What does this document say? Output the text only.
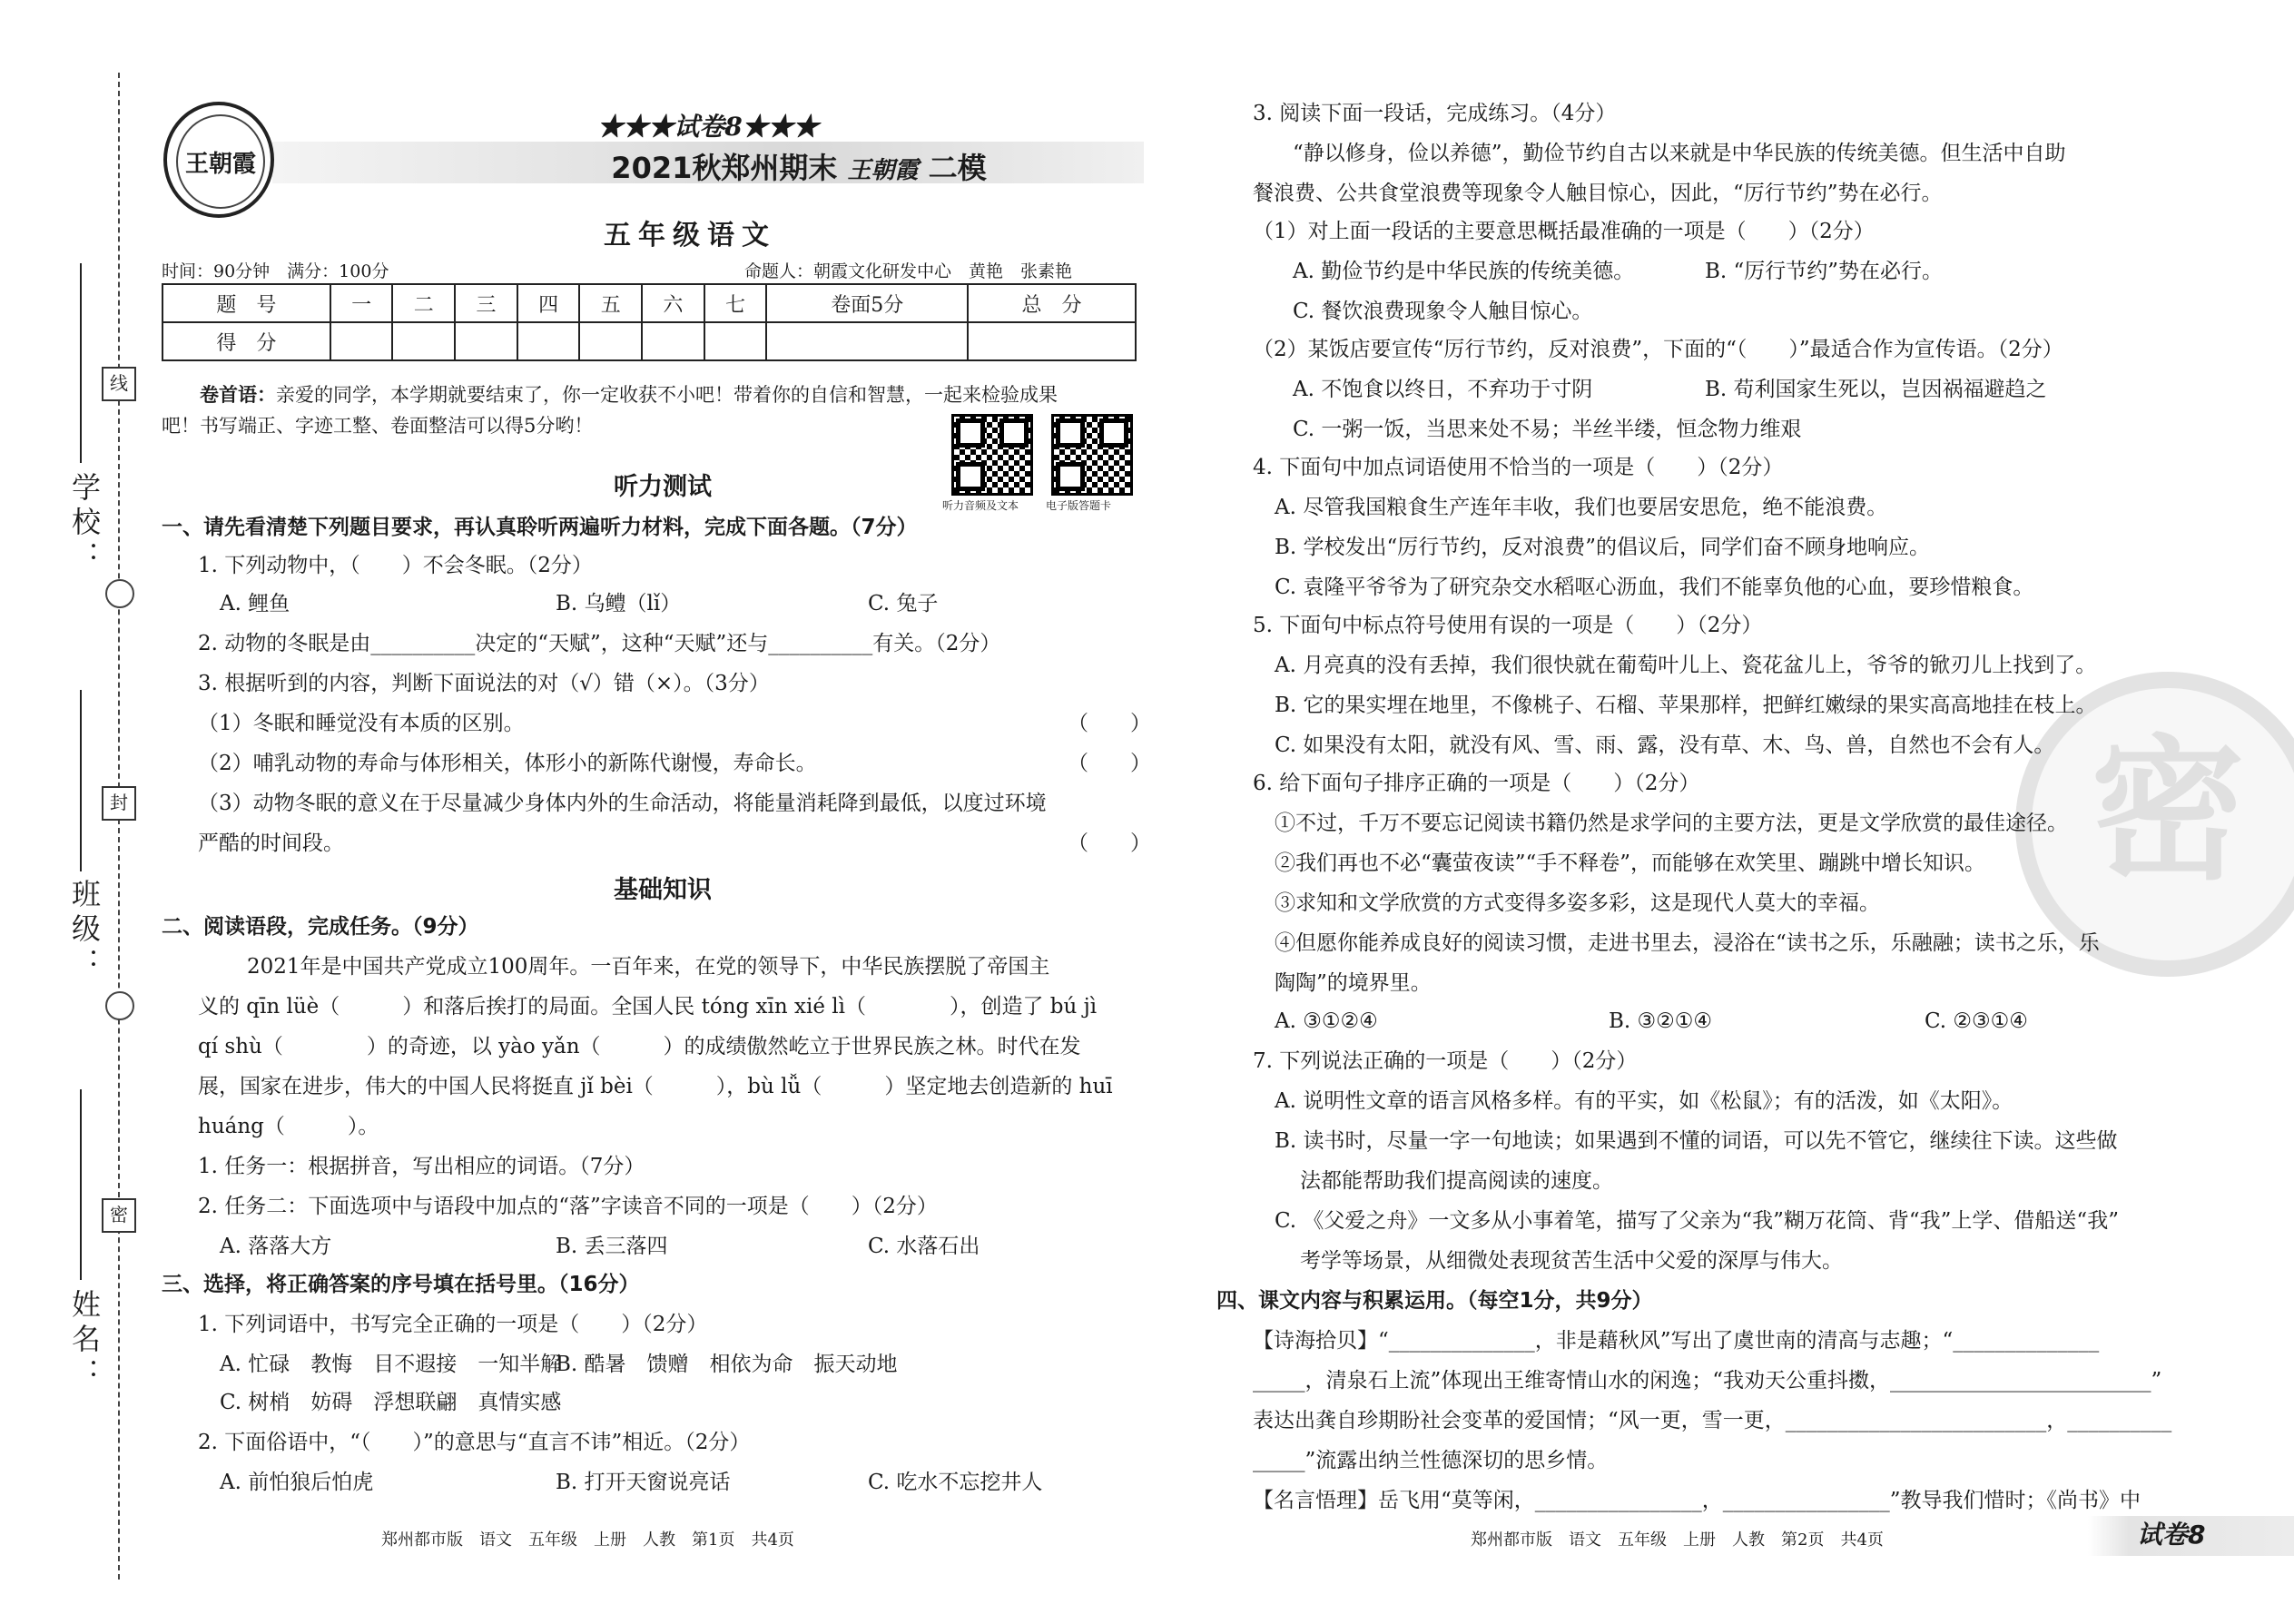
线
封
密
学校：
班级：
姓名：
王朝霞
★★★试卷8★★★
2021秋郑州期末 王朝霞 二模
五年级语文
时间：90分钟　满分：100分	命题人：朝霞文化研发中心　黄艳　张素艳
题　号	一	二	三	四	五	六	七	卷面5分	总　分
得　分									
卷首语：亲爱的同学，本学期就要结束了，你一定收获不小吧！带着你的自信和智慧，一起来检验成果
吧！书写端正、字迹工整、卷面整洁可以得5分哟！
听力音频及文本 电子版答题卡
听力测试
一、请先看清楚下列题目要求，再认真聆听两遍听力材料，完成下面各题。（7分）
1. 下列动物中，（　　）不会冬眠。（2分）
A. 鲤鱼	B. 乌鳢（lǐ）	C. 兔子
2. 动物的冬眠是由__________决定的“天赋”，这种“天赋”还与__________有关。（2分）
3. 根据听到的内容，判断下面说法的对（√）错（×）。（3分）
（1）冬眠和睡觉没有本质的区别。	（　　）
（2）哺乳动物的寿命与体形相关，体形小的新陈代谢慢，寿命长。	（　　）
（3）动物冬眠的意义在于尽量减少身体内外的生命活动，将能量消耗降到最低，以度过环境
严酷的时间段。	（　　）
基础知识
二、阅读语段，完成任务。（9分）
2021年是中国共产党成立100周年。一百年来，在党的领导下，中华民族摆脱了帝国主
义的 qīn lüè（　　　）和落后挨打的局面。全国人民 tóng xīn xié lì（　　　　），创造了 bú jì
qí shù（　　　　）的奇迹，以 yào yǎn（　　　）的成绩傲然屹立于世界民族之林。时代在发
展，国家在进步，伟大的中国人民将挺直 jǐ bèi（　　　），bù lǚ（　　　）坚定地去创造新的 huī
huáng（　　　）。
1. 任务一：根据拼音，写出相应的词语。（7分）
2. 任务二：下面选项中与语段中加点的“落”字读音不同的一项是（　　）（2分）
A. 落落大方	B. 丢三落四	C. 水落石出
三、选择，将正确答案的序号填在括号里。（16分）
1. 下列词语中，书写完全正确的一项是（　　）（2分）
A. 忙碌　教悔　目不遐接　一知半解
B. 酷暑　馈赠　相依为命　振天动地
C. 树梢　妨碍　浮想联翩　真情实感
2. 下面俗语中，“（　　）”的意思与“直言不讳”相近。（2分）
A. 前怕狼后怕虎	B. 打开天窗说亮话	C. 吃水不忘挖井人
郑州都市版　语文　五年级　上册　人教　第1页　共4页
密
3. 阅读下面一段话，完成练习。（4分）
“静以修身，俭以养德”，勤俭节约自古以来就是中华民族的传统美德。但生活中自助
餐浪费、公共食堂浪费等现象令人触目惊心，因此，“厉行节约”势在必行。
（1）对上面一段话的主要意思概括最准确的一项是（　　）（2分）
A. 勤俭节约是中华民族的传统美德。	B. “厉行节约”势在必行。
C. 餐饮浪费现象令人触目惊心。
（2）某饭店要宣传“厉行节约，反对浪费”，下面的“（　　）”最适合作为宣传语。（2分）
A. 不饱食以终日，不弃功于寸阴	B. 苟利国家生死以，岂因祸福避趋之
C. 一粥一饭，当思来处不易；半丝半缕，恒念物力维艰
4. 下面句中加点词语使用不恰当的一项是（　　）（2分）
A. 尽管我国粮食生产连年丰收，我们也要居安思危，绝不能浪费。
B. 学校发出“厉行节约，反对浪费”的倡议后，同学们奋不顾身地响应。
C. 袁隆平爷爷为了研究杂交水稻呕心沥血，我们不能辜负他的心血，要珍惜粮食。
5. 下面句中标点符号使用有误的一项是（　　）（2分）
A. 月亮真的没有丢掉，我们很快就在葡萄叶儿上、瓷花盆儿上，爷爷的锨刃儿上找到了。
B. 它的果实埋在地里，不像桃子、石榴、苹果那样，把鲜红嫩绿的果实高高地挂在枝上。
C. 如果没有太阳，就没有风、雪、雨、露，没有草、木、鸟、兽，自然也不会有人。
6. 给下面句子排序正确的一项是（　　）（2分）
①不过，千万不要忘记阅读书籍仍然是求学问的主要方法，更是文学欣赏的最佳途径。
②我们再也不必“囊萤夜读”“手不释卷”，而能够在欢笑里、蹦跳中增长知识。
③求知和文学欣赏的方式变得多姿多彩，这是现代人莫大的幸福。
④但愿你能养成良好的阅读习惯，走进书里去，浸浴在“读书之乐，乐融融；读书之乐，乐
陶陶”的境界里。
A. ③①②④	B. ③②①④	C. ②③①④
7. 下列说法正确的一项是（　　）（2分）
A. 说明性文章的语言风格多样。有的平实，如《松鼠》；有的活泼，如《太阳》。
B. 读书时，尽量一字一句地读；如果遇到不懂的词语，可以先不管它，继续往下读。这些做
法都能帮助我们提高阅读的速度。
C. 《父爱之舟》一文多从小事着笔，描写了父亲为“我”糊万花筒、背“我”上学、借船送“我”
考学等场景，从细微处表现贫苦生活中父爱的深厚与伟大。
四、课文内容与积累运用。（每空1分，共9分）
【诗海拾贝】“______________，非是藉秋风”写出了虞世南的清高与志趣；“______________
_____，清泉石上流”体现出王维寄情山水的闲逸；“我劝天公重抖擞，_________________________”
表达出龚自珍期盼社会变革的爱国情；“风一更，雪一更，_________________________，__________
_____”流露出纳兰性德深切的思乡情。
【名言悟理】岳飞用“莫等闲，________________，________________”教导我们惜时；《尚书》中
郑州都市版　语文　五年级　上册　人教　第2页　共4页	试卷8
